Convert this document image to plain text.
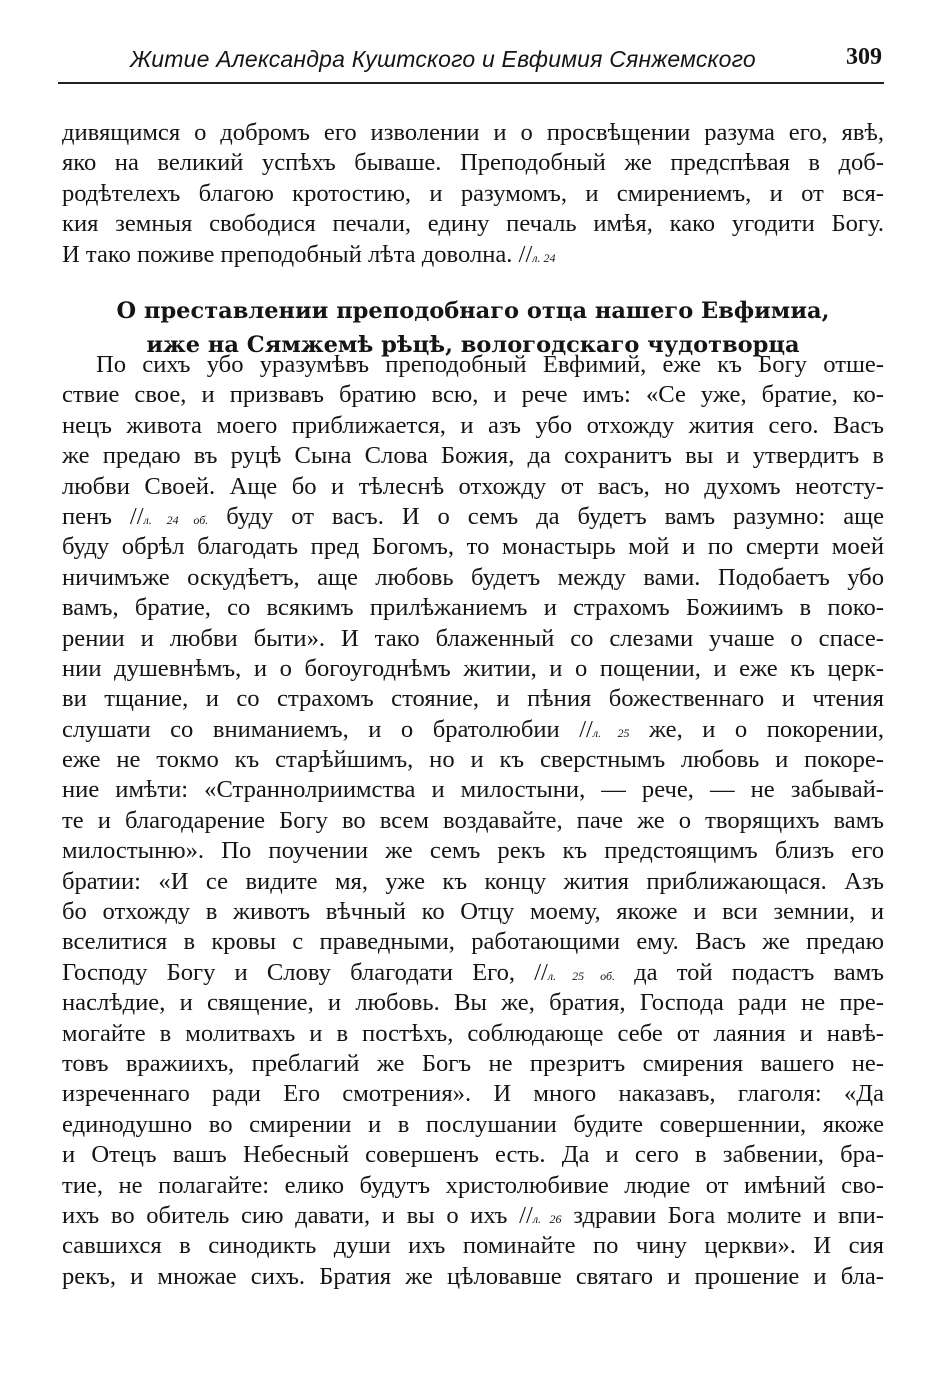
Житие Александра Куштского и Евфимия Сянжемского	309
дивящимся о добромъ его изволении и о просвѣщении разума его, явѣ,
яко на великий успѣхъ бываше. Преподобный же предспѣвая в доб-
родѣтелехъ благою кротостию, и разумомъ, и смирениемъ, и от вся-
кия земныя свободися печали, едину печаль имѣя, како угодити Богу.
И тако поживе преподобный лѣта доволна. //л. 24
О преставлении преподобнаго отца нашего Евфимиа,
иже на Сямжемѣ рѣцѣ, вологодскаго чудотворца
По сихъ убо уразумѣвъ преподобный Евфимий, еже къ Богу отше-
ствие свое, и призвавъ братию всю, и рече имъ: «Се уже, братие, ко-
нецъ живота моего приближается, и азъ убо отхожду жития сего. Васъ
же предаю въ руцѣ Сына Слова Божия, да сохранитъ вы и утвердитъ в
любви Своей. Аще бо и тѣлеснѣ отхожду от васъ, но духомъ неотсту-
пенъ //л. 24 об. буду от васъ. И о семъ да будетъ вамъ разумно: аще
буду обрѣл благодать пред Богомъ, то монастырь мой и по смерти моей
ничимъже оскудѣетъ, аще любовь будетъ между вами. Подобаетъ убо
вамъ, братие, со всякимъ прилѣжаниемъ и страхомъ Божиимъ в поко-
рении и любви быти». И тако блаженный со слезами учаше о спасе-
нии душевнѣмъ, и о богоугоднѣмъ житии, и о пощении, и еже къ церк-
ви тщание, и со страхомъ стояние, и пѣния божественнаго и чтения
слушати со вниманиемъ, и о братолюбии //л. 25 же, и о покорении,
еже не токмо къ старѣйшимъ, но и къ сверстнымъ любовь и покоре-
ние имѣти: «Страннолриимства и милостыни, — рече, — не забывай-
те и благодарение Богу во всем воздавайте, паче же о творящихъ вамъ
милостыню». По поучении же семъ рекъ къ предстоящимъ близъ его
братии: «И се видите мя, уже къ концу жития приближающася. Азъ
бо отхожду в животъ вѣчный ко Отцу моему, якоже и вси земнии, и
вселитися в кровы с праведными, работающими ему. Васъ же предаю
Господу Богу и Слову благодати Его, //л. 25 об. да той подастъ вамъ
наслѣдие, и священие, и любовь. Вы же, братия, Господа ради не пре-
могайте в молитвахъ и в постѣхъ, соблюдающе себе от лаяния и навѣ-
товъ вражиихъ, преблагий же Богъ не презритъ смирения вашего не-
изреченнаго ради Его смотрения». И много наказавъ, глаголя: «Да
единодушно во смирении и в послушании будите совершеннии, якоже
и Отецъ вашъ Небесный совершенъ есть. Да и сего в забвении, бра-
тие, не полагайте: елико будутъ христолюбивие людие от имѣний сво-
ихъ во обитель сию давати, и вы о ихъ //л. 26 здравии Бога молите и впи-
савшихся в синодикть души ихъ поминайте по чину церкви». И сия
рекъ, и множае сихъ. Братия же цѣловавше святаго и прошение и бла-
